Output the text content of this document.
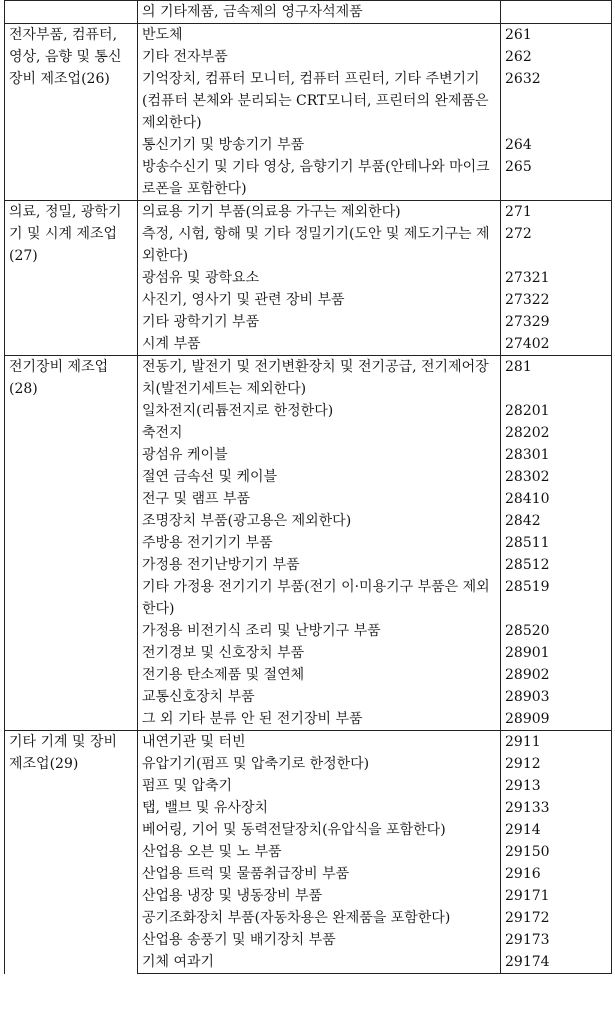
	의 기타제품, 금속제의 영구자석제품	
전자부품, 컴퓨터, 영상, 음향 및 통신장비 제조업(26)	반도체	261
	기타 전자부품	262
	기억장치, 컴퓨터 모니터, 컴퓨터 프린터, 기타 주변기기(컴퓨터 본체와 분리되는 CRT모니터, 프린터의 완제품은 제외한다)	2632
	통신기기 및 방송기기 부품	264
	방송수신기 및 기타 영상, 음향기기 부품(안테나와 마이크로폰을 포함한다)	265
의료, 정밀, 광학기기 및 시계 제조업(27)	의료용 기기 부품(의료용 가구는 제외한다)	271
	측정, 시험, 항해 및 기타 정밀기기(도안 및 제도기구는 제외한다)	272
	광섬유 및 광학요소	27321
	사진기, 영사기 및 관련 장비 부품	27322
	기타 광학기기 부품	27329
	시계 부품	27402
전기장비 제조업(28)	전동기, 발전기 및 전기변환장치 및 전기공급, 전기제어장치(발전기세트는 제외한다)	281
	일차전지(리튬전지로 한정한다)	28201
	축전지	28202
	광섬유 케이블	28301
	절연 금속선 및 케이블	28302
	전구 및 램프 부품	28410
	조명장치 부품(광고용은 제외한다)	2842
	주방용 전기기기 부품	28511
	가정용 전기난방기기 부품	28512
	기타 가정용 전기기기 부품(전기 이·미용기구 부품은 제외한다)	28519
	가정용 비전기식 조리 및 난방기구 부품	28520
	전기경보 및 신호장치 부품	28901
	전기용 탄소제품 및 절연체	28902
	교통신호장치 부품	28903
	그 외 기타 분류 안 된 전기장비 부품	28909
기타 기계 및 장비 제조업(29)	내연기관 및 터빈	2911
	유압기기(펌프 및 압축기로 한정한다)	2912
	펌프 및 압축기	2913
	탭, 밸브 및 유사장치	29133
	베어링, 기어 및 동력전달장치(유압식을 포함한다)	2914
	산업용 오븐 및 노 부품	29150
	산업용 트럭 및 물품취급장비 부품	2916
	산업용 냉장 및 냉동장비 부품	29171
	공기조화장치 부품(자동차용은 완제품을 포함한다)	29172
	산업용 송풍기 및 배기장치 부품	29173
	기체 여과기	29174
